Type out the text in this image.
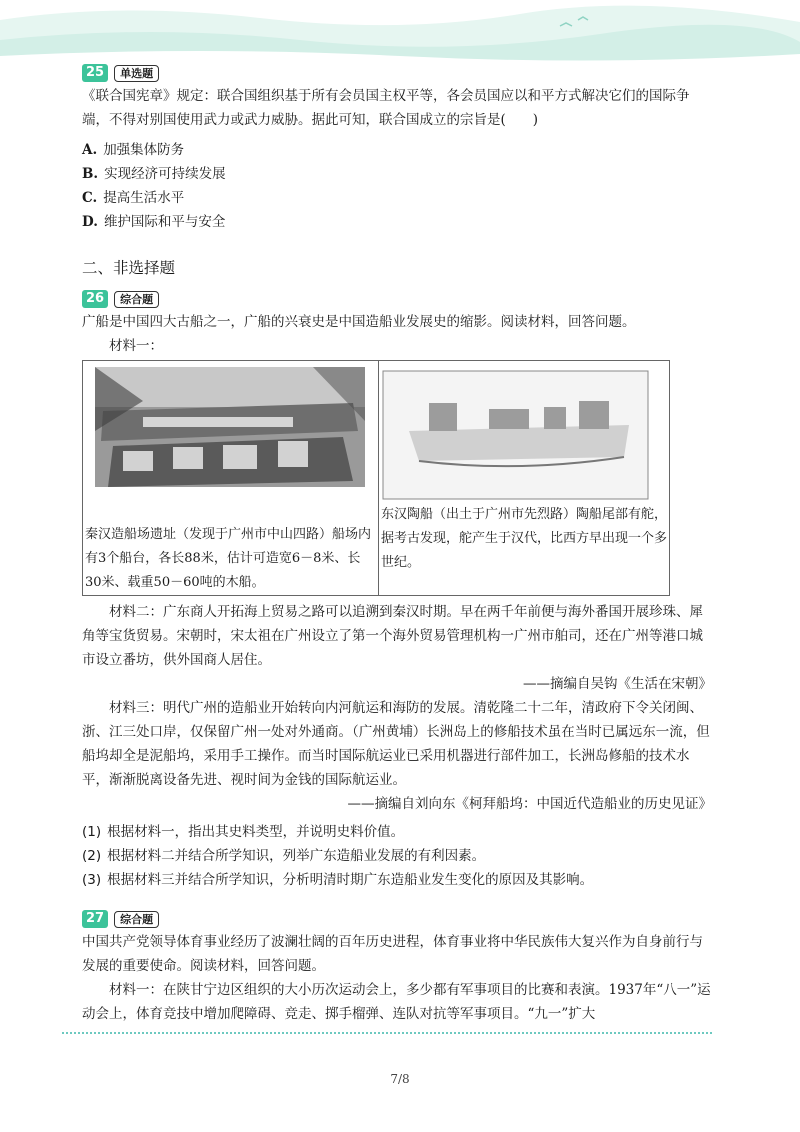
25	单选题

《联合国宪章》规定：联合国组织基于所有会员国主权平等，各会员国应以和平方式解决它们的国际争端，不得对别国使用武力或武力威胁。据此可知，联合国成立的宗旨是(　　)

A. 加强集体防务
B. 实现经济可持续发展
C. 提高生活水平
D. 维护国际和平与安全
二、非选择题
26	综合题

广船是中国四大古船之一，广船的兴衰史是中国造船业发展史的缩影。阅读材料，回答问题。

材料一：

秦汉造船场遗址（发现于广州市中山四路）船场内有3个船台，各长88米，估计可造宽6－8米、长30米、载重50－60吨的木船。

东汉陶船（出土于广州市先烈路）陶船尾部有舵，据考古发现，舵产生于汉代，比西方早出现一个多世纪。

材料二：广东商人开拓海上贸易之路可以追溯到秦汉时期。早在两千年前便与海外番国开展珍珠、犀角等宝货贸易。宋朝时，宋太祖在广州设立了第一个海外贸易管理机构一广州市舶司，还在广州等港口城市设立番坊，供外国商人居住。

——摘编自吴钩《生活在宋朝》

材料三：明代广州的造船业开始转向内河航运和海防的发展。清乾隆二十二年，清政府下令关闭闽、浙、江三处口岸，仅保留广州一处对外通商。（广州黄埔）长洲岛上的修船技术虽在当时已属远东一流，但船坞却全是泥船坞，采用手工操作。而当时国际航运业已采用机器进行部件加工，长洲岛修船的技术水平，渐渐脱离设备先进、视时间为金钱的国际航运业。

——摘编自刘向东《柯拜船坞：中国近代造船业的历史见证》

(1) 根据材料一，指出其史料类型，并说明史料价值。
(2) 根据材料二并结合所学知识，列举广东造船业发展的有利因素。
(3) 根据材料三并结合所学知识，分析明清时期广东造船业发生变化的原因及其影响。
27	综合题

中国共产党领导体育事业经历了波澜壮阔的百年历史进程，体育事业将中华民族伟大复兴作为自身前行与发展的重要使命。阅读材料，回答问题。

材料一：在陕甘宁边区组织的大小历次运动会上，多少都有军事项目的比赛和表演。1937年“八一”运动会上，体育竞技中增加爬障碍、竞走、掷手榴弹、连队对抗等军事项目。“九一”扩大

7/8
